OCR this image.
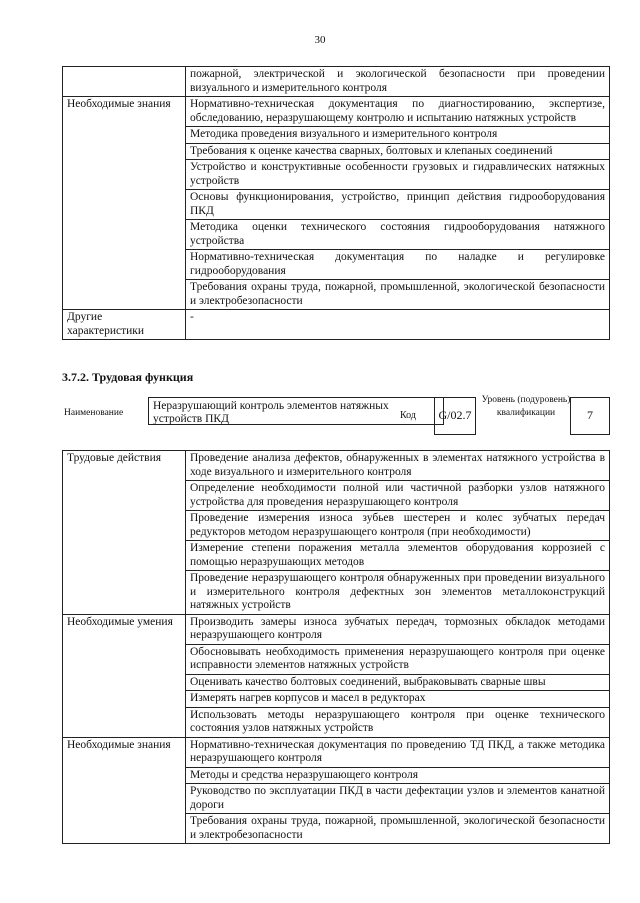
30
	пожарной, электрической и экологической безопасности при проведении визуального и измерительного контроля
Необходимые знания	Нормативно-техническая документация по диагностированию, экспертизе, обследованию, неразрушающему контролю и испытанию натяжных устройств
	Методика проведения визуального и измерительного контроля
	Требования к оценке качества сварных, болтовых и клепаных соединений
	Устройство и конструктивные особенности грузовых и гидравлических натяжных устройств
	Основы функционирования, устройство, принцип действия гидрооборудования ПКД
	Методика оценки технического состояния гидрооборудования натяжного устройства
	Нормативно-техническая документация по наладке и регулировке гидрооборудования
	Требования охраны труда, пожарной, промышленной, экологической безопасности и электробезопасности
Другие характеристики	-
3.7.2. Трудовая функция
Наименование
Неразрушающий контроль элементов натяжных устройств ПКД	Код	G/02.7
Уровень (подуровень) квалификации	7
Трудовые действия	Проведение анализа дефектов, обнаруженных в элементах натяжного устройства в ходе визуального и измерительного контроля
	Определение необходимости полной или частичной разборки узлов натяжного устройства для проведения неразрушающего контроля
	Проведение измерения износа зубьев шестерен и колес зубчатых передач редукторов методом неразрушающего контроля (при необходимости)
	Измерение степени поражения металла элементов оборудования коррозией с помощью неразрушающих методов
	Проведение неразрушающего контроля обнаруженных при проведении визуального и измерительного контроля дефектных зон элементов металлоконструкций натяжных устройств
Необходимые умения	Производить замеры износа зубчатых передач, тормозных обкладок методами неразрушающего контроля
	Обосновывать необходимость применения неразрушающего контроля при оценке исправности элементов натяжных устройств
	Оценивать качество болтовых соединений, выбраковывать сварные швы
	Измерять нагрев корпусов и масел в редукторах
	Использовать методы неразрушающего контроля при оценке технического состояния узлов натяжных устройств
Необходимые знания	Нормативно-техническая документация по проведению ТД ПКД, а также методика неразрушающего контроля
	Методы и средства неразрушающего контроля
	Руководство по эксплуатации ПКД в части дефектации узлов и элементов канатной дороги
	Требования охраны труда, пожарной, промышленной, экологической безопасности и электробезопасности
